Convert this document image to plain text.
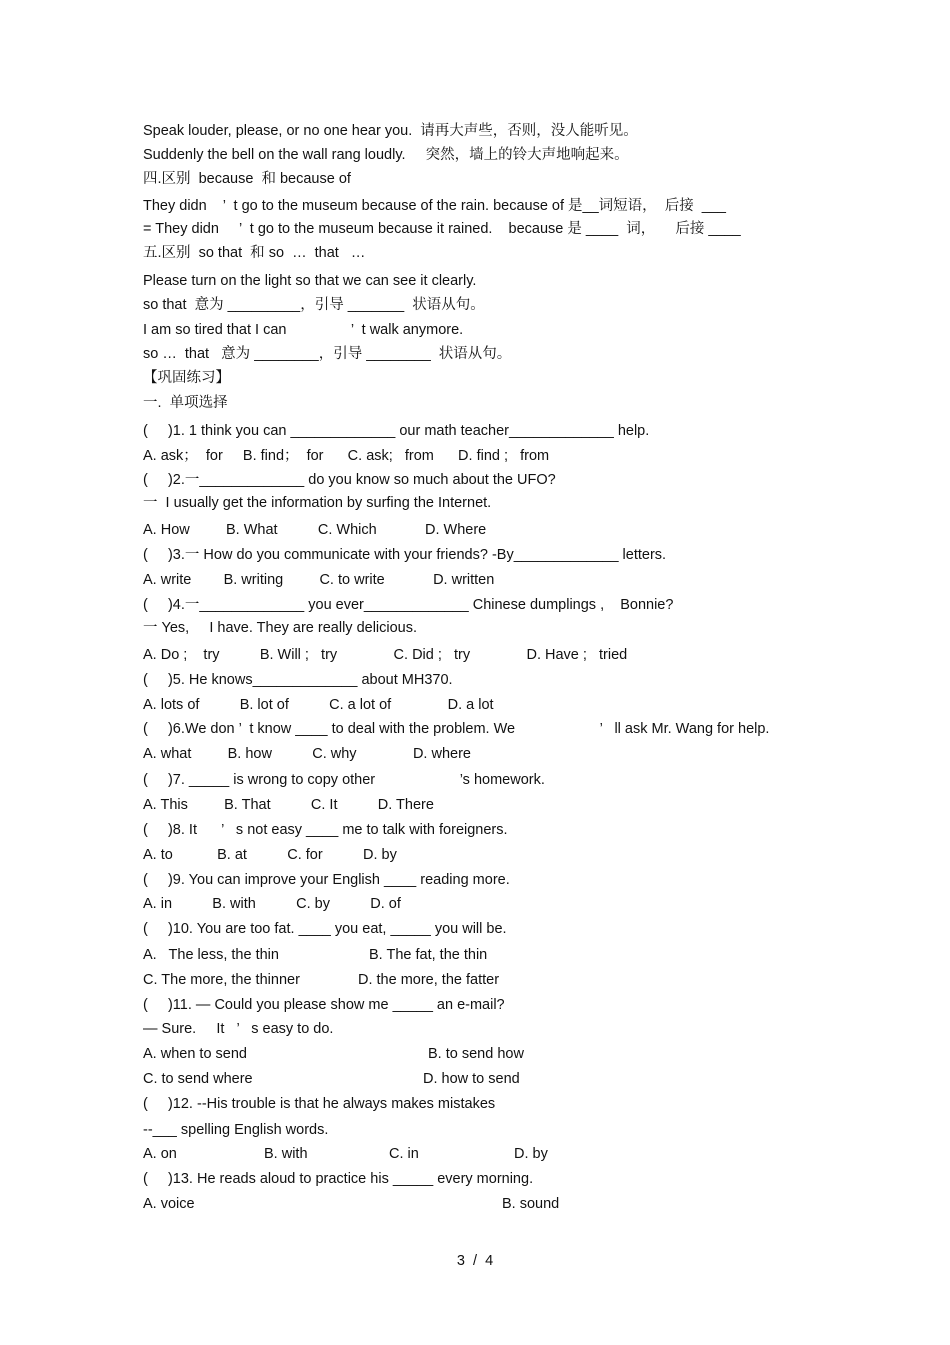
Speak louder, please, or no one hear you.  请再大声些，否则，没人能听见。
Suddenly the bell on the wall rang loudly.     突然，墙上的铃大声地响起来。
四.区别  because  和 because of
They didn    ’  t go to the museum because of the rain. because of 是__词短语，  后接  ___
= They didn     ’  t go to the museum because it rained.    because 是 ____  词，     后接 ____
五.区别  so that  和 so  …  that   …
Please turn on the light so that we can see it clearly.
so that  意为 _________，引导 _______  状语从句。
I am so tired that I can                ’  t walk anymore.
so …  that   意为 ________，引导 ________  状语从句。
【巩固练习】
一.  单项选择
(     )1. 1 think you can _____________ our math teacher_____________ help.
A. ask；  for     B. find；  for      C. ask;   from      D. find ;   from
(     )2.一_____________ do you know so much about the UFO?
一  I usually get the information by surfing the Internet.
A. How         B. What          C. Which            D. Where
(     )3.一 How do you communicate with your friends? -By_____________ letters.
A. write        B. writing         C. to write            D. written
(     )4.一_____________ you ever_____________ Chinese dumplings ,    Bonnie?
一 Yes,     I have. They are really delicious.
A. Do ;    try          B. Will ;   try              C. Did ;   try              D. Have ;   tried
(     )5. He knows_____________ about MH370.
A. lots of          B. lot of          C. a lot of              D. a lot
(     )6.We don ’  t know ____ to deal with the problem. We                     ’   ll ask Mr. Wang for help.
A. what         B. how          C. why              D. where
(     )7. _____ is wrong to copy other                     ’s homework.
A. This         B. That          C. It          D. There
(     )8. It      ’   s not easy ____ me to talk with foreigners.
A. to           B. at          C. for          D. by
(     )9. You can improve your English ____ reading more.
A. in          B. with          C. by          D. of
(     )10. You are too fat. ____ you eat, _____ you will be.
A.   The less, the thin	B. The fat, the thin
C. The more, the thinner	D. the more, the fatter
(     )11. — Could you please show me _____ an e-mail?
— Sure.     It   ’   s easy to do.
A. when to send	B. to send how
C. to send where	D. how to send
(     )12. --His trouble is that he always makes mistakes
--___ spelling English words.
A. on	B. with	C. in	D. by
(     )13. He reads aloud to practice his _____ every morning.
A. voice	B. sound
3  /  4
